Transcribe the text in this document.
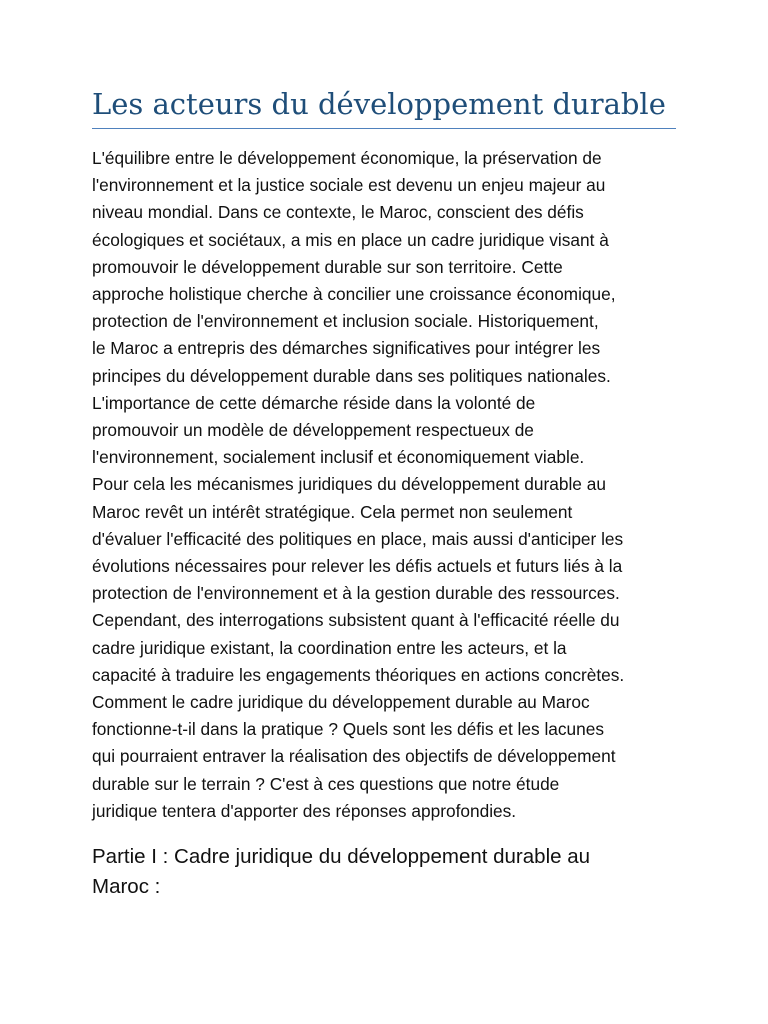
Les acteurs du développement durable

L'équilibre entre le développement économique, la préservation de
l'environnement et la justice sociale est devenu un enjeu majeur au
niveau mondial. Dans ce contexte, le Maroc, conscient des défis
écologiques et sociétaux, a mis en place un cadre juridique visant à
promouvoir le développement durable sur son territoire. Cette
approche holistique cherche à concilier une croissance économique,
protection de l'environnement et inclusion sociale. Historiquement,
le Maroc a entrepris des démarches significatives pour intégrer les
principes du développement durable dans ses politiques nationales.
L'importance de cette démarche réside dans la volonté de
promouvoir un modèle de développement respectueux de
l'environnement, socialement inclusif et économiquement viable.
Pour cela les mécanismes juridiques du développement durable au
Maroc revêt un intérêt stratégique. Cela permet non seulement
d'évaluer l'efficacité des politiques en place, mais aussi d'anticiper les
évolutions nécessaires pour relever les défis actuels et futurs liés à la
protection de l'environnement et à la gestion durable des ressources.
Cependant, des interrogations subsistent quant à l'efficacité réelle du
cadre juridique existant, la coordination entre les acteurs, et la
capacité à traduire les engagements théoriques en actions concrètes.
Comment le cadre juridique du développement durable au Maroc
fonctionne-t-il dans la pratique ? Quels sont les défis et les lacunes
qui pourraient entraver la réalisation des objectifs de développement
durable sur le terrain ? C'est à ces questions que notre étude
juridique tentera d'apporter des réponses approfondies.

Partie I : Cadre juridique du développement durable au
Maroc :
